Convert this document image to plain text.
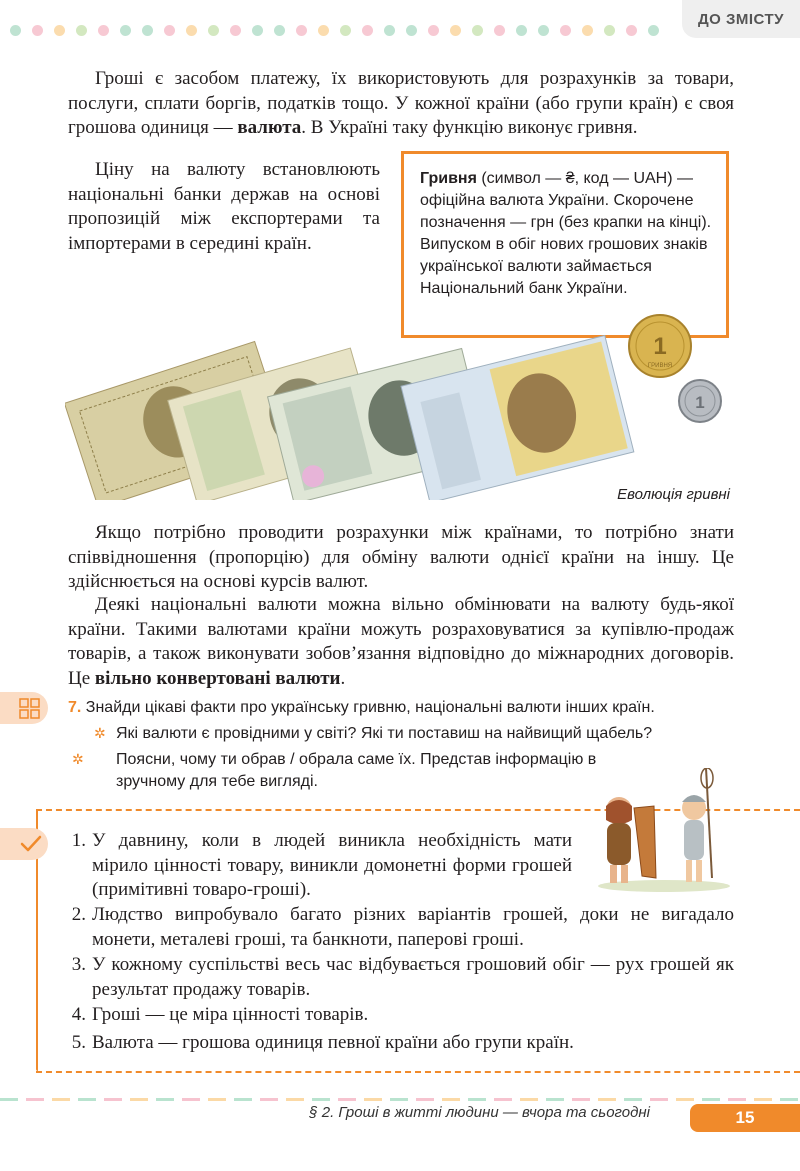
ДО ЗМІСТУ
Гроші є засобом платежу, їх використовують для розрахунків за товари, послуги, сплати боргів, податків тощо. У кожної країни (або групи країн) є своя грошова одиниця — валюта. В Україні таку функцію виконує гривня.
Ціну на валюту встановлюють національні банки держав на основі пропозицій між експортерами та імпортерами в середині країн.
Гривня (символ — ₴, код — UAH) — офіційна валюта України. Скорочене позначення — грн (без крапки на кінці). Випуском в обіг нових грошових знаків української валюти займається Національний банк України.
1
ГРИВНЯ
1
Еволюція гривні
Якщо потрібно проводити розрахунки між країнами, то потрібно знати співвідношення (пропорцію) для обміну валюти однієї країни на іншу. Це здійснюється на основі курсів валют.
Деякі національні валюти можна вільно обмінювати на валюту будь-якої країни. Такими валютами країни можуть розраховуватися за купівлю-продаж товарів, а також виконувати зобов’язання відповідно до міжнародних договорів. Це вільно конвертовані валюти.
7. Знайди цікаві факти про українську гривню, національні валюти інших країн.
✲ Які валюти є провідними у світі? Які ти поставиш на найвищий щабель?
✲ Поясни, чому ти обрав / обрала саме їх. Представ інформацію в зручному для тебе вигляді.
1. У давнину, коли в людей виникла необхідність мати мірило цінності товару, виникли домонетні форми грошей (примітивні товаро-гроші).
2. Людство випробувало багато різних варіантів грошей, доки не вигадало монети, металеві гроші, та банкноти, паперові гроші.
3. У кожному суспільстві весь час відбувається грошовий обіг — рух грошей як результат продажу товарів.
4. Гроші — це міра цінності товарів.
5. Валюта — грошова одиниця певної країни або групи країн.
§ 2. Гроші в житті людини — вчора та сьогодні	15
